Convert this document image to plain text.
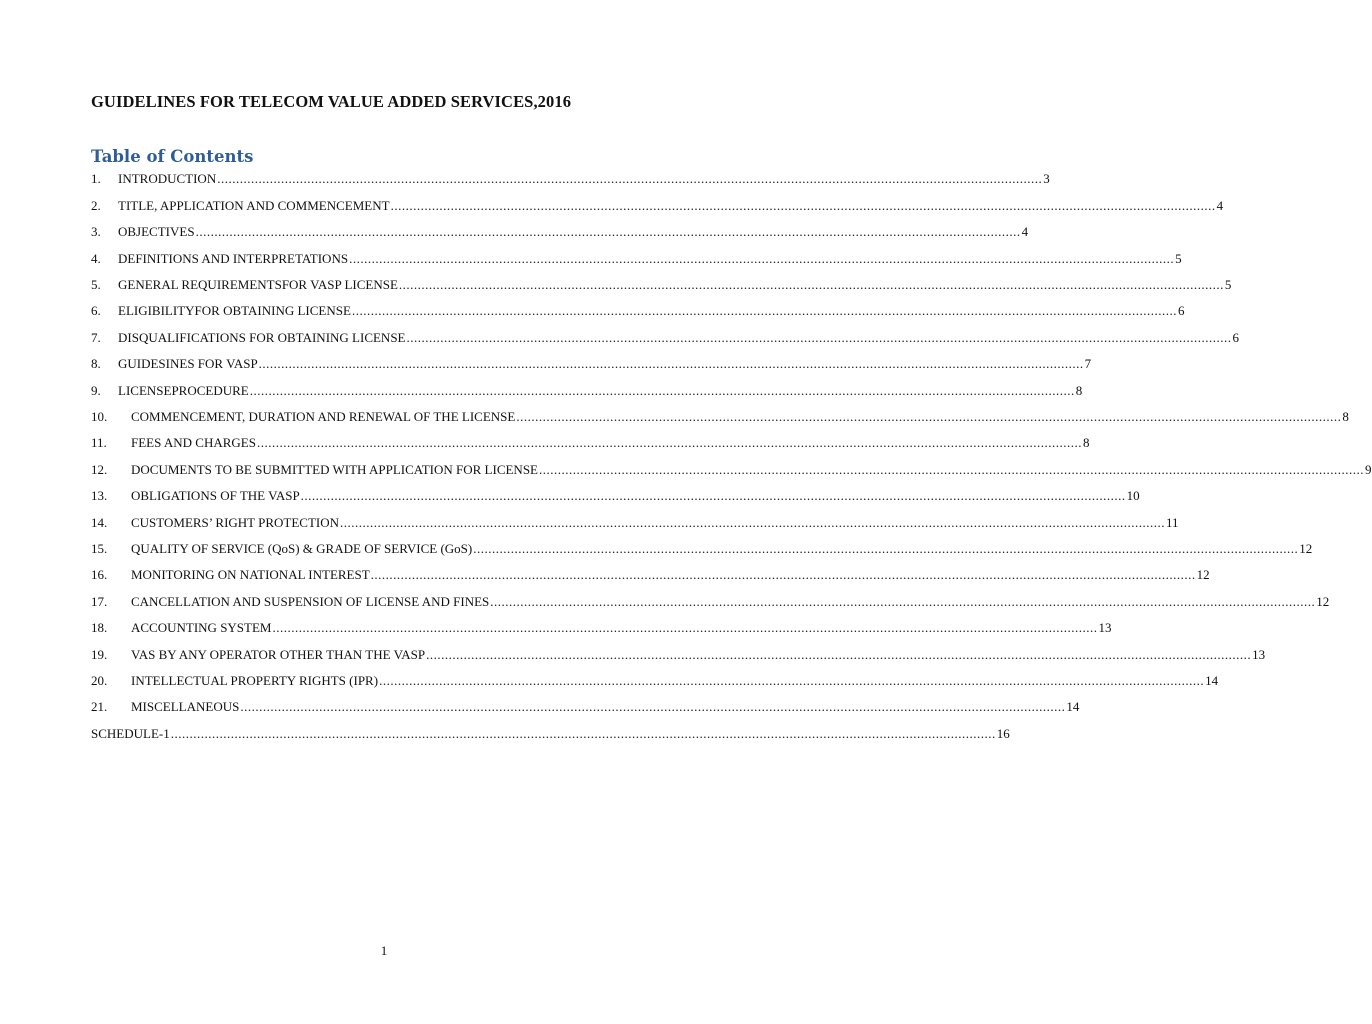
GUIDELINES FOR TELECOM VALUE ADDED SERVICES,2016
Table of Contents
1.	INTRODUCTION ............................................................................................................................................................................................................................ 3
2.	TITLE, APPLICATION AND COMMENCEMENT ............................................................................................................................................................................................................................ 4
3.	OBJECTIVES ............................................................................................................................................................................................................................ 4
4.	DEFINITIONS AND INTERPRETATIONS ............................................................................................................................................................................................................................ 5
5.	GENERAL REQUIREMENTSFOR VASP LICENSE ............................................................................................................................................................................................................................ 5
6.	ELIGIBILITYFOR OBTAINING LICENSE ............................................................................................................................................................................................................................ 6
7.	DISQUALIFICATIONS FOR OBTAINING LICENSE ............................................................................................................................................................................................................................ 6
8.	GUIDESINES FOR VASP ............................................................................................................................................................................................................................ 7
9.	LICENSEPROCEDURE ............................................................................................................................................................................................................................ 8
10.	COMMENCEMENT, DURATION AND RENEWAL OF THE LICENSE ............................................................................................................................................................................................................................ 8
11.	FEES AND CHARGES ............................................................................................................................................................................................................................ 8
12.	DOCUMENTS TO BE SUBMITTED WITH APPLICATION FOR LICENSE ............................................................................................................................................................................................................................ 9
13.	OBLIGATIONS OF THE VASP ............................................................................................................................................................................................................................ 10
14.	CUSTOMERS’ RIGHT PROTECTION ............................................................................................................................................................................................................................ 11
15.	QUALITY OF SERVICE (QoS) & GRADE OF SERVICE (GoS) ............................................................................................................................................................................................................................ 12
16.	MONITORING ON NATIONAL INTEREST ............................................................................................................................................................................................................................ 12
17.	CANCELLATION AND SUSPENSION OF LICENSE AND FINES ............................................................................................................................................................................................................................ 12
18.	ACCOUNTING SYSTEM ............................................................................................................................................................................................................................ 13
19.	VAS BY ANY OPERATOR OTHER THAN THE VASP ............................................................................................................................................................................................................................ 13
20.	INTELLECTUAL PROPERTY RIGHTS (IPR) ............................................................................................................................................................................................................................ 14
21.	MISCELLANEOUS ............................................................................................................................................................................................................................ 14
SCHEDULE-1 ............................................................................................................................................................................................................................ 16
1
